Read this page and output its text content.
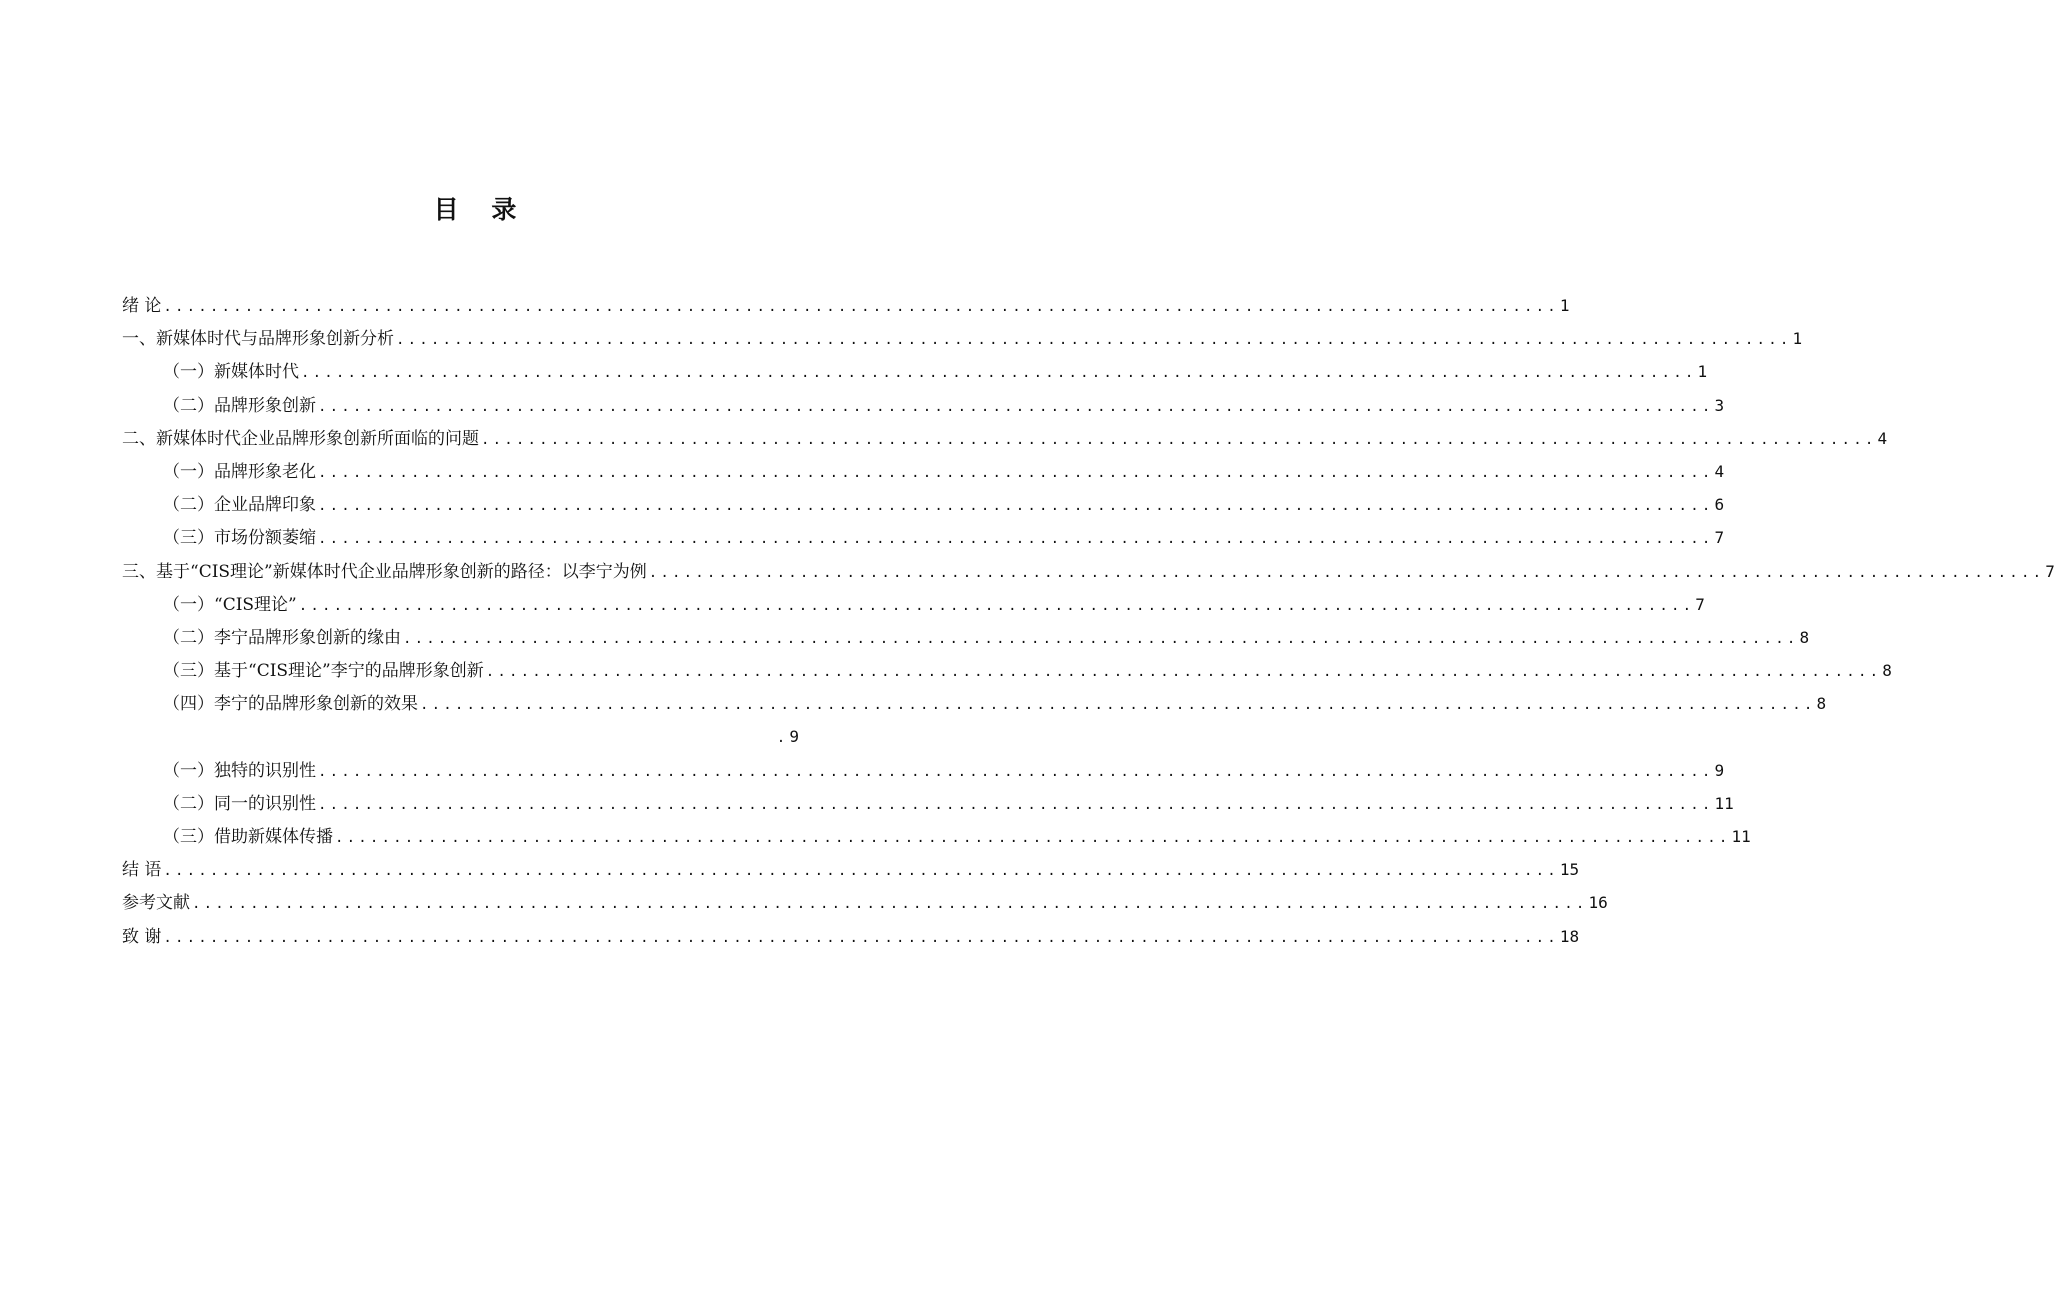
目 录
绪 论 ........................................................................................................................ 1
一、新媒体时代与品牌形象创新分析 ........................................................................................................................ 1
（一）新媒体时代 ........................................................................................................................ 1
（二）品牌形象创新 ........................................................................................................................ 3
二、新媒体时代企业品牌形象创新所面临的问题 ........................................................................................................................ 4
（一）品牌形象老化 ........................................................................................................................ 4
（二）企业品牌印象 ........................................................................................................................ 6
（三）市场份额萎缩 ........................................................................................................................ 7
三、基于“CIS理论”新媒体时代企业品牌形象创新的路径：以李宁为例 ........................................................................................................................ 7
（一）“CIS理论” ........................................................................................................................ 7
（二）李宁品牌形象创新的缘由 ........................................................................................................................ 8
（三）基于“CIS理论”李宁的品牌形象创新 ........................................................................................................................ 8
（四）李宁的品牌形象创新的效果 ........................................................................................................................ 8
. 9
（一）独特的识别性 ........................................................................................................................ 9
（二）同一的识别性 ........................................................................................................................ 11
（三）借助新媒体传播 ........................................................................................................................ 11
结 语 ........................................................................................................................ 15
参考文献 ........................................................................................................................ 16
致 谢 ........................................................................................................................ 18
